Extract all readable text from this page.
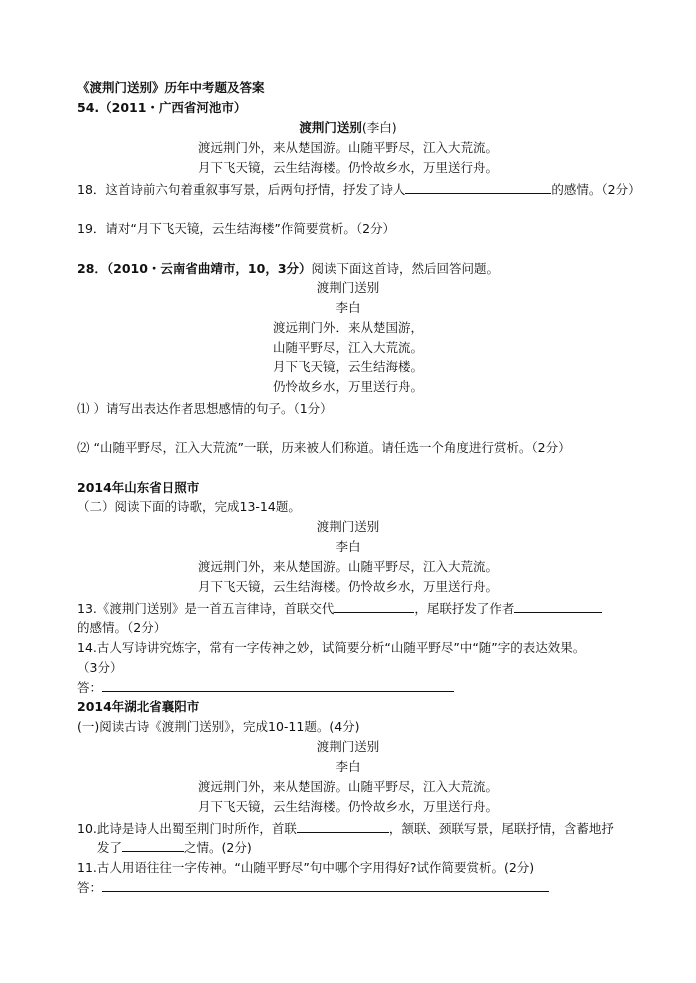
《渡荆门送别》历年中考题及答案
54.（2011・广西省河池市）
渡荆门送别(李白)
渡远荆门外，来从楚国游。山随平野尽，江入大荒流。
月下飞天镜，云生结海楼。仍怜故乡水，万里送行舟。
18．这首诗前六句着重叙事写景，后两句抒情，抒发了诗人	的感情。（2分）
19．请对“月下飞天镜，云生结海楼”作简要赏析。（2分）
28．（2010・云南省曲靖市，10，3分）阅读下面这首诗，然后回答问题。
渡荆门送别
李白
渡远荆门外．来从楚国游，
山随平野尽，江入大荒流。
月下飞天镜，云生结海楼。
仍怜故乡水，万里送行舟。
⑴ ）请写出表达作者思想感情的句子。（1分）
⑵ “山随平野尽，江入大荒流”一联，历来被人们称道。请任选一个角度进行赏析。（2分）
2014年山东省日照市
（二）阅读下面的诗歌，完成13-14题。
渡荆门送别
李白
渡远荆门外，来从楚国游。山随平野尽，江入大荒流。
月下飞天镜，云生结海楼。仍怜故乡水，万里送行舟。
13.《渡荆门送别》是一首五言律诗，首联交代	，尾联抒发了作者
的感情。（2分）
14.古人写诗讲究炼字，常有一字传神之妙，试简要分析“山随平野尽”中“随”字的表达效果。
（3分）
答：
2014年湖北省襄阳市
(一)阅读古诗《渡荆门送别》，完成10-11题。(4分)
渡荆门送别
李白
渡远荆门外，来从楚国游。山随平野尽，江入大荒流。
月下飞天镜，云生结海楼。仍怜故乡水，万里送行舟。
10.此诗是诗人出蜀至荆门时所作，首联	，颔联、颈联写景，尾联抒情，含蓄地抒
发了	之情。(2分)
11.古人用语往往一字传神。“山随平野尽”句中哪个字用得好?试作简要赏析。(2分)
答：
